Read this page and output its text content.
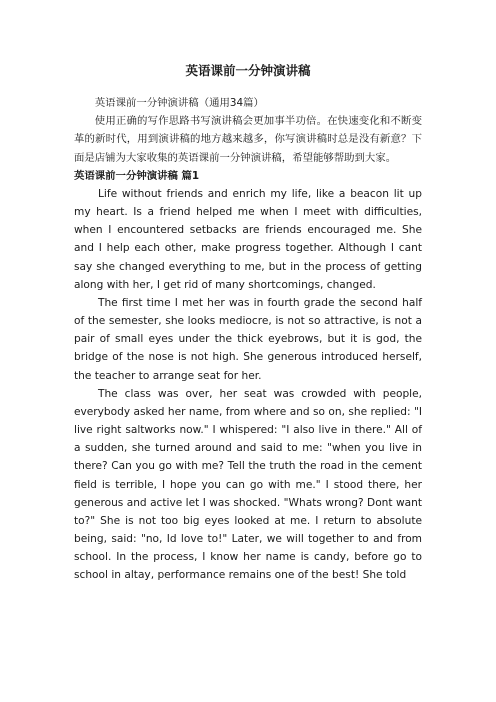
英语课前一分钟演讲稿

英语课前一分钟演讲稿（通用34篇）

使用正确的写作思路书写演讲稿会更加事半功倍。在快速变化和不断变革的新时代，用到演讲稿的地方越来越多，你写演讲稿时总是没有新意？下面是店铺为大家收集的英语课前一分钟演讲稿，希望能够帮助到大家。

英语课前一分钟演讲稿 篇1

Life without friends and enrich my life, like a beacon lit up my heart. Is a friend helped me when I meet with difficulties, when I encountered setbacks are friends encouraged me. She and I help each other, make progress together. Although I cant say she changed everything to me, but in the process of getting along with her, I get rid of many shortcomings, changed.

The first time I met her was in fourth grade the second half of the semester, she looks mediocre, is not so attractive, is not a pair of small eyes under the thick eyebrows, but it is god, the bridge of the nose is not high. She generous introduced herself, the teacher to arrange seat for her.

The class was over, her seat was crowded with people, everybody asked her name, from where and so on, she replied: "I live right saltworks now." I whispered: "I also live in there." All of a sudden, she turned around and said to me: "when you live in there? Can you go with me? Tell the truth the road in the cement field is terrible, I hope you can go with me." I stood there, her generous and active let I was shocked. "Whats wrong? Dont want to?" She is not too big eyes looked at me. I return to absolute being, said: "no, Id love to!" Later, we will together to and from school. In the process, I know her name is candy, before go to school in altay, performance remains one of the best! She told
